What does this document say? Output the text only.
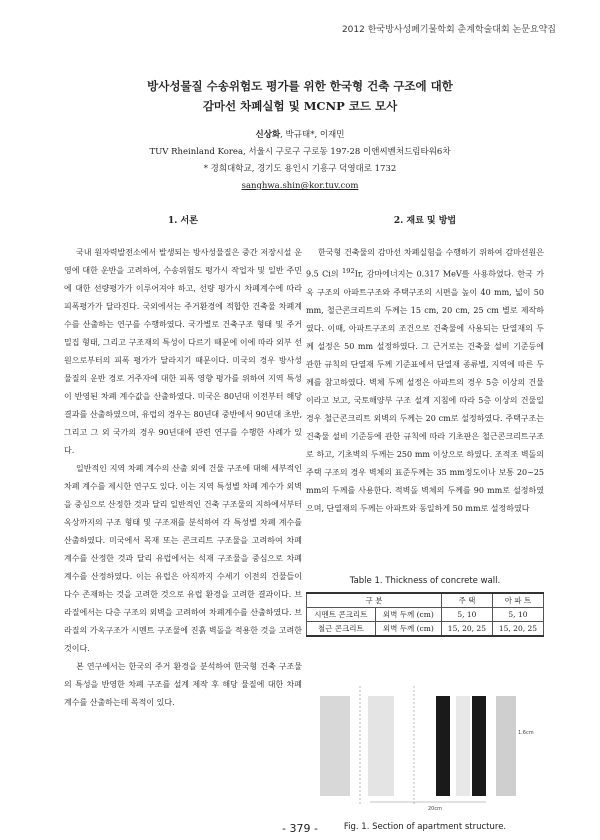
2012 한국방사성폐기물학회 춘계학술대회 논문요약집
방사성물질 수송위험도 평가를 위한 한국형 건축 구조에 대한
감마선 차폐실험 및 MCNP 코드 모사
신상화, 박규태*, 이재민
TUV Rheinland Korea, 서울시 구로구 구로동 197-28 이앤씨벤처드림타워6차
* 경희대학교, 경기도 용인시 기흥구 덕영대로 1732
sanghwa.shin@kor.tuv.com
1. 서론

국내 원자력발전소에서 발생되는 방사성물질은 중간 저장시설 운영에 대한 운반을 고려하여, 수송위험도 평가시 작업자 및 일반 주민에 대한 선량평가가 이루어져야 하고, 선량 평가시 차폐계수에 따라 피폭평가가 달라진다. 국외에서는 주거환경에 적합한 건축물 차폐계수를 산출하는 연구를 수행하였다. 국가별로 건축구조 형태 및 주거밀집 형태, 그리고 구조재의 특성이 다르기 때문에 이에 따라 외부 선원으로부터의 피폭 평가가 달라지기 때문이다. 미국의 경우 방사성 물질의 운반 경로 거주자에 대한 피폭 영향 평가를 위하여 지역 특성이 반영된 차폐 계수값을 산출하였다. 미국은 80년대 이전부터 해당 결과를 산출하였으며, 유럽의 경우는 80년대 중반에서 90년대 초반, 그리고 그 외 국가의 경우 90년대에 관련 연구를 수행한 사례가 있다.

일반적인 지역 차폐 계수의 산출 외에 건물 구조에 대해 세부적인 차폐 계수를 제시한 연구도 있다. 이는 지역 특성별 차폐 계수가 외벽을 중심으로 산정한 것과 달리 일반적인 건축 구조물의 지하에서부터 옥상까지의 구조 형태 및 구조재를 분석하여 각 특성별 차폐 계수를 산출하였다. 미국에서 목재 또는 콘크리트 구조물을 고려하여 차폐 계수를 산정한 것과 달리 유럽에서는 석재 구조물을 중심으로 차폐 계수를 산정하였다. 이는 유럽은 아직까지 수세기 이전의 건물들이 다수 존재하는 것을 고려한 것으로 유럽 환경을 고려한 결과이다. 브라질에서는 다층 구조의 외벽을 고려하여 차폐계수를 산출하였다. 브라질의 가옥구조가 시멘트 구조물에 진흙 벽돌을 적용한 것을 고려한 것이다.

본 연구에서는 한국의 주거 환경을 분석하여 한국형 건축 구조물의 특성을 반영한 차폐 구조를 설계 제작 후 해당 물질에 대한 차폐 계수를 산출하는데 목적이 있다.

2. 재료 및 방법

한국형 건축물의 감마선 차폐실험을 수행하기 위하여 감마선원은 9.5 Ci의 $^{192}$Ir, 감마에너지는 0.317 MeV를 사용하였다. 한국 가옥 구조의 아파트구조와 주택구조의 시편을 높이 40 mm, 넓이 50 mm, 철근콘크리트의 두께는 15 cm, 20 cm, 25 cm 별로 제작하였다. 이때, 아파트구조의 조건으로 건축물에 사용되는 단열재의 두께 설정은 50 mm 설정하였다. 그 근거로는 건축물 설비 기준등에 관한 규칙의 단열재 두께 기준표에서 단열재 종류별, 지역에 따른 두께를 참고하였다. 벽체 두께 설정은 아파트의 경우 5층 이상의 건물이라고 보고, 국토해양부 구조 설계 지침에 따라 5층 이상의 건물일 경우 철근콘크리트 외벽의 두께는 20 cm로 설정하였다. 주택구조는 건축물 설비 기준등에 관한 규칙에 따라 기초판은 철근콘크리트구조로 하고, 기초벽의 두께는 250 mm 이상으로 하였다. 조적조 벽돌의 주택 구조의 경우 벽체의 표준두께는 35 mm정도이나 보통 20~25 mm의 두께를 사용한다. 적벽돌 벽체의 두께를 90 mm로 설정하였으며, 단열재의 두께는 아파트와 동일하게 50 mm로 설정하였다

Table 1. Thickness of concrete wall.
구 분		주 택	아 파 트
시멘트 콘크리트	외벽 두께 (cm)	5, 10	5, 10
철근 콘크리트	외벽 두께 (cm)	15, 20, 25	15, 20, 25
1.6cm
20cm
Fig. 1. Section of apartment structure.
- 379 -
